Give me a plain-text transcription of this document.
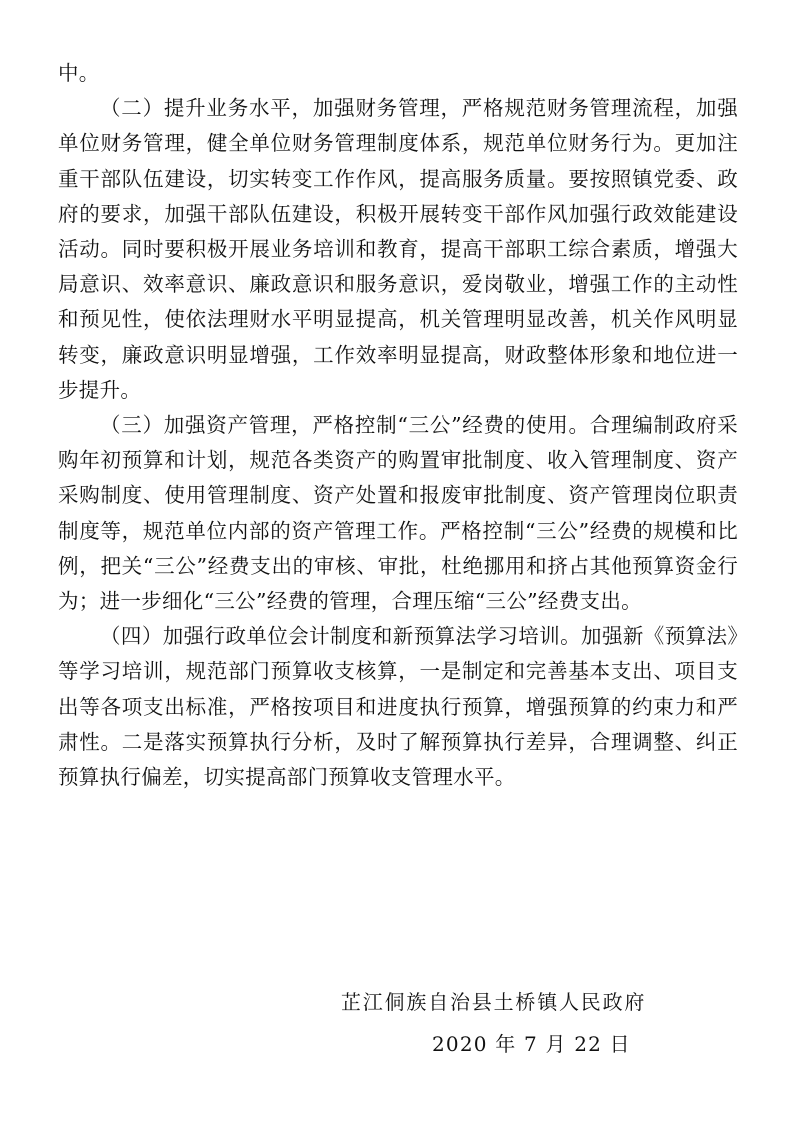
中。

（二）提升业务水平，加强财务管理，严格规范财务管理流程，加强单位财务管理，健全单位财务管理制度体系，规范单位财务行为。更加注重干部队伍建设，切实转变工作作风，提高服务质量。要按照镇党委、政府的要求，加强干部队伍建设，积极开展转变干部作风加强行政效能建设活动。同时要积极开展业务培训和教育，提高干部职工综合素质，增强大局意识、效率意识、廉政意识和服务意识，爱岗敬业，增强工作的主动性和预见性，使依法理财水平明显提高，机关管理明显改善，机关作风明显转变，廉政意识明显增强，工作效率明显提高，财政整体形象和地位进一步提升。

（三）加强资产管理，严格控制“三公”经费的使用。合理编制政府采购年初预算和计划，规范各类资产的购置审批制度、收入管理制度、资产采购制度、使用管理制度、资产处置和报废审批制度、资产管理岗位职责制度等，规范单位内部的资产管理工作。严格控制“三公”经费的规模和比例，把关“三公”经费支出的审核、审批，杜绝挪用和挤占其他预算资金行为；进一步细化“三公”经费的管理，合理压缩“三公”经费支出。

（四）加强行政单位会计制度和新预算法学习培训。加强新《预算法》等学习培训，规范部门预算收支核算，一是制定和完善基本支出、项目支出等各项支出标准，严格按项目和进度执行预算，增强预算的约束力和严肃性。二是落实预算执行分析，及时了解预算执行差异，合理调整、纠正预算执行偏差，切实提高部门预算收支管理水平。

芷江侗族自治县土桥镇人民政府
2020 年 7 月 22 日
